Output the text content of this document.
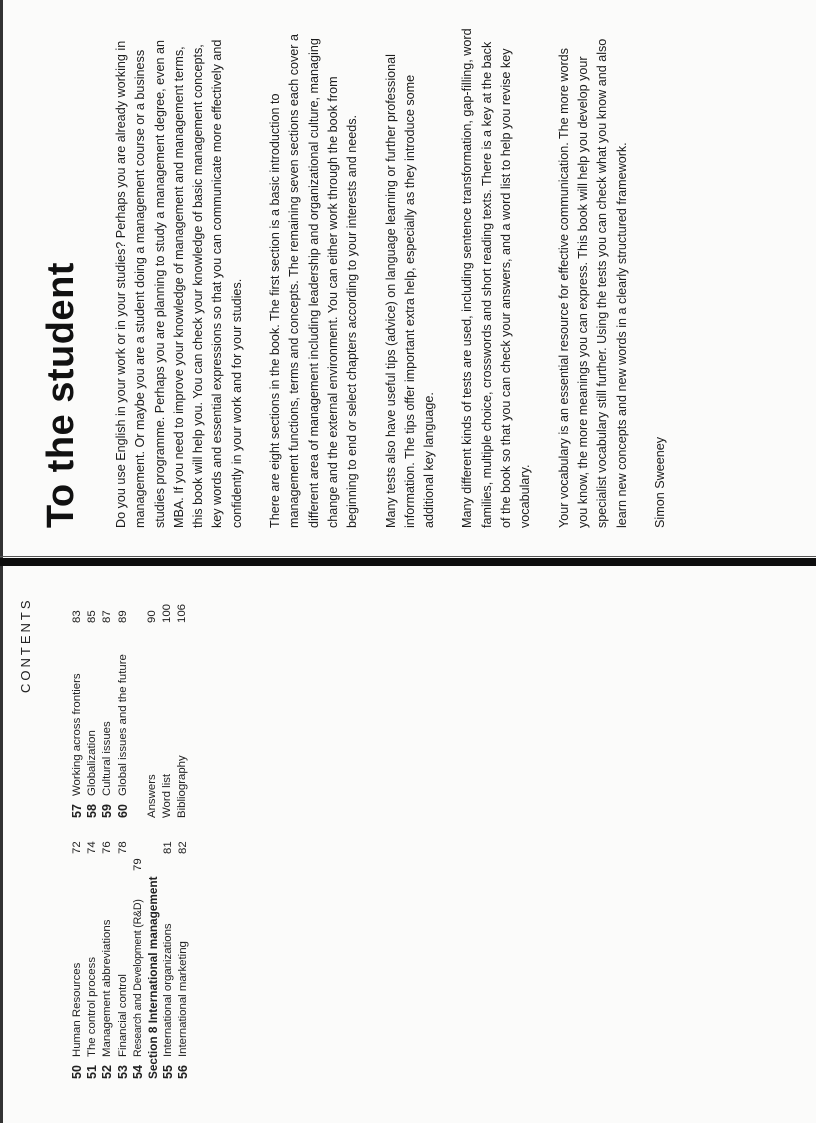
CONTENTS
50
Human Resources
72
51
The control process
74
52
Management abbreviations
76
53
Financial control
78
54
Research and Development (R&D)
79
Section 8 International management 55
International organizations
81
56
International marketing
82
57
Working across frontiers
83
58
Globalization
85
59
Cultural issues
87
60
Global issues and the future
89
Answers
90
Word list
100
Bibliography
106
To the student	Do you use English in your work or in your studies? Perhaps you are already working in management. Or maybe you are a student doing a management course or a business studies programme. Perhaps you are planning to study a management degree, even an MBA. If you need to improve your knowledge of management and management terms, this book will help you. You can check your knowledge of basic management concepts, key words and essential expressions so that you can communicate more effectively and confidently in your work and for your studies. There are eight sections in the book. The first section is a basic introduction to management functions, terms and concepts. The remaining seven sections each cover a different area of management including leadership and organizational culture, managing change and the external environment. You can either work through the book from beginning to end or select chapters according to your interests and needs. Many tests also have useful tips (advice) on language learning or further professional information. The tips offer important extra help, especially as they introduce some additional key language. Many different kinds of tests are used, including sentence transformation, gap-filling, word families, multiple choice, crosswords and short reading texts. There is a key at the back of the book so that you can check your answers, and a word list to help you revise key vocabulary. Your vocabulary is an essential resource for effective communication. The more words you know, the more meanings you can express. This book will help you develop your specialist vocabulary still further. Using the tests you can check what you know and also learn new concepts and new words in a clearly structured framework. Simon Sweeney
